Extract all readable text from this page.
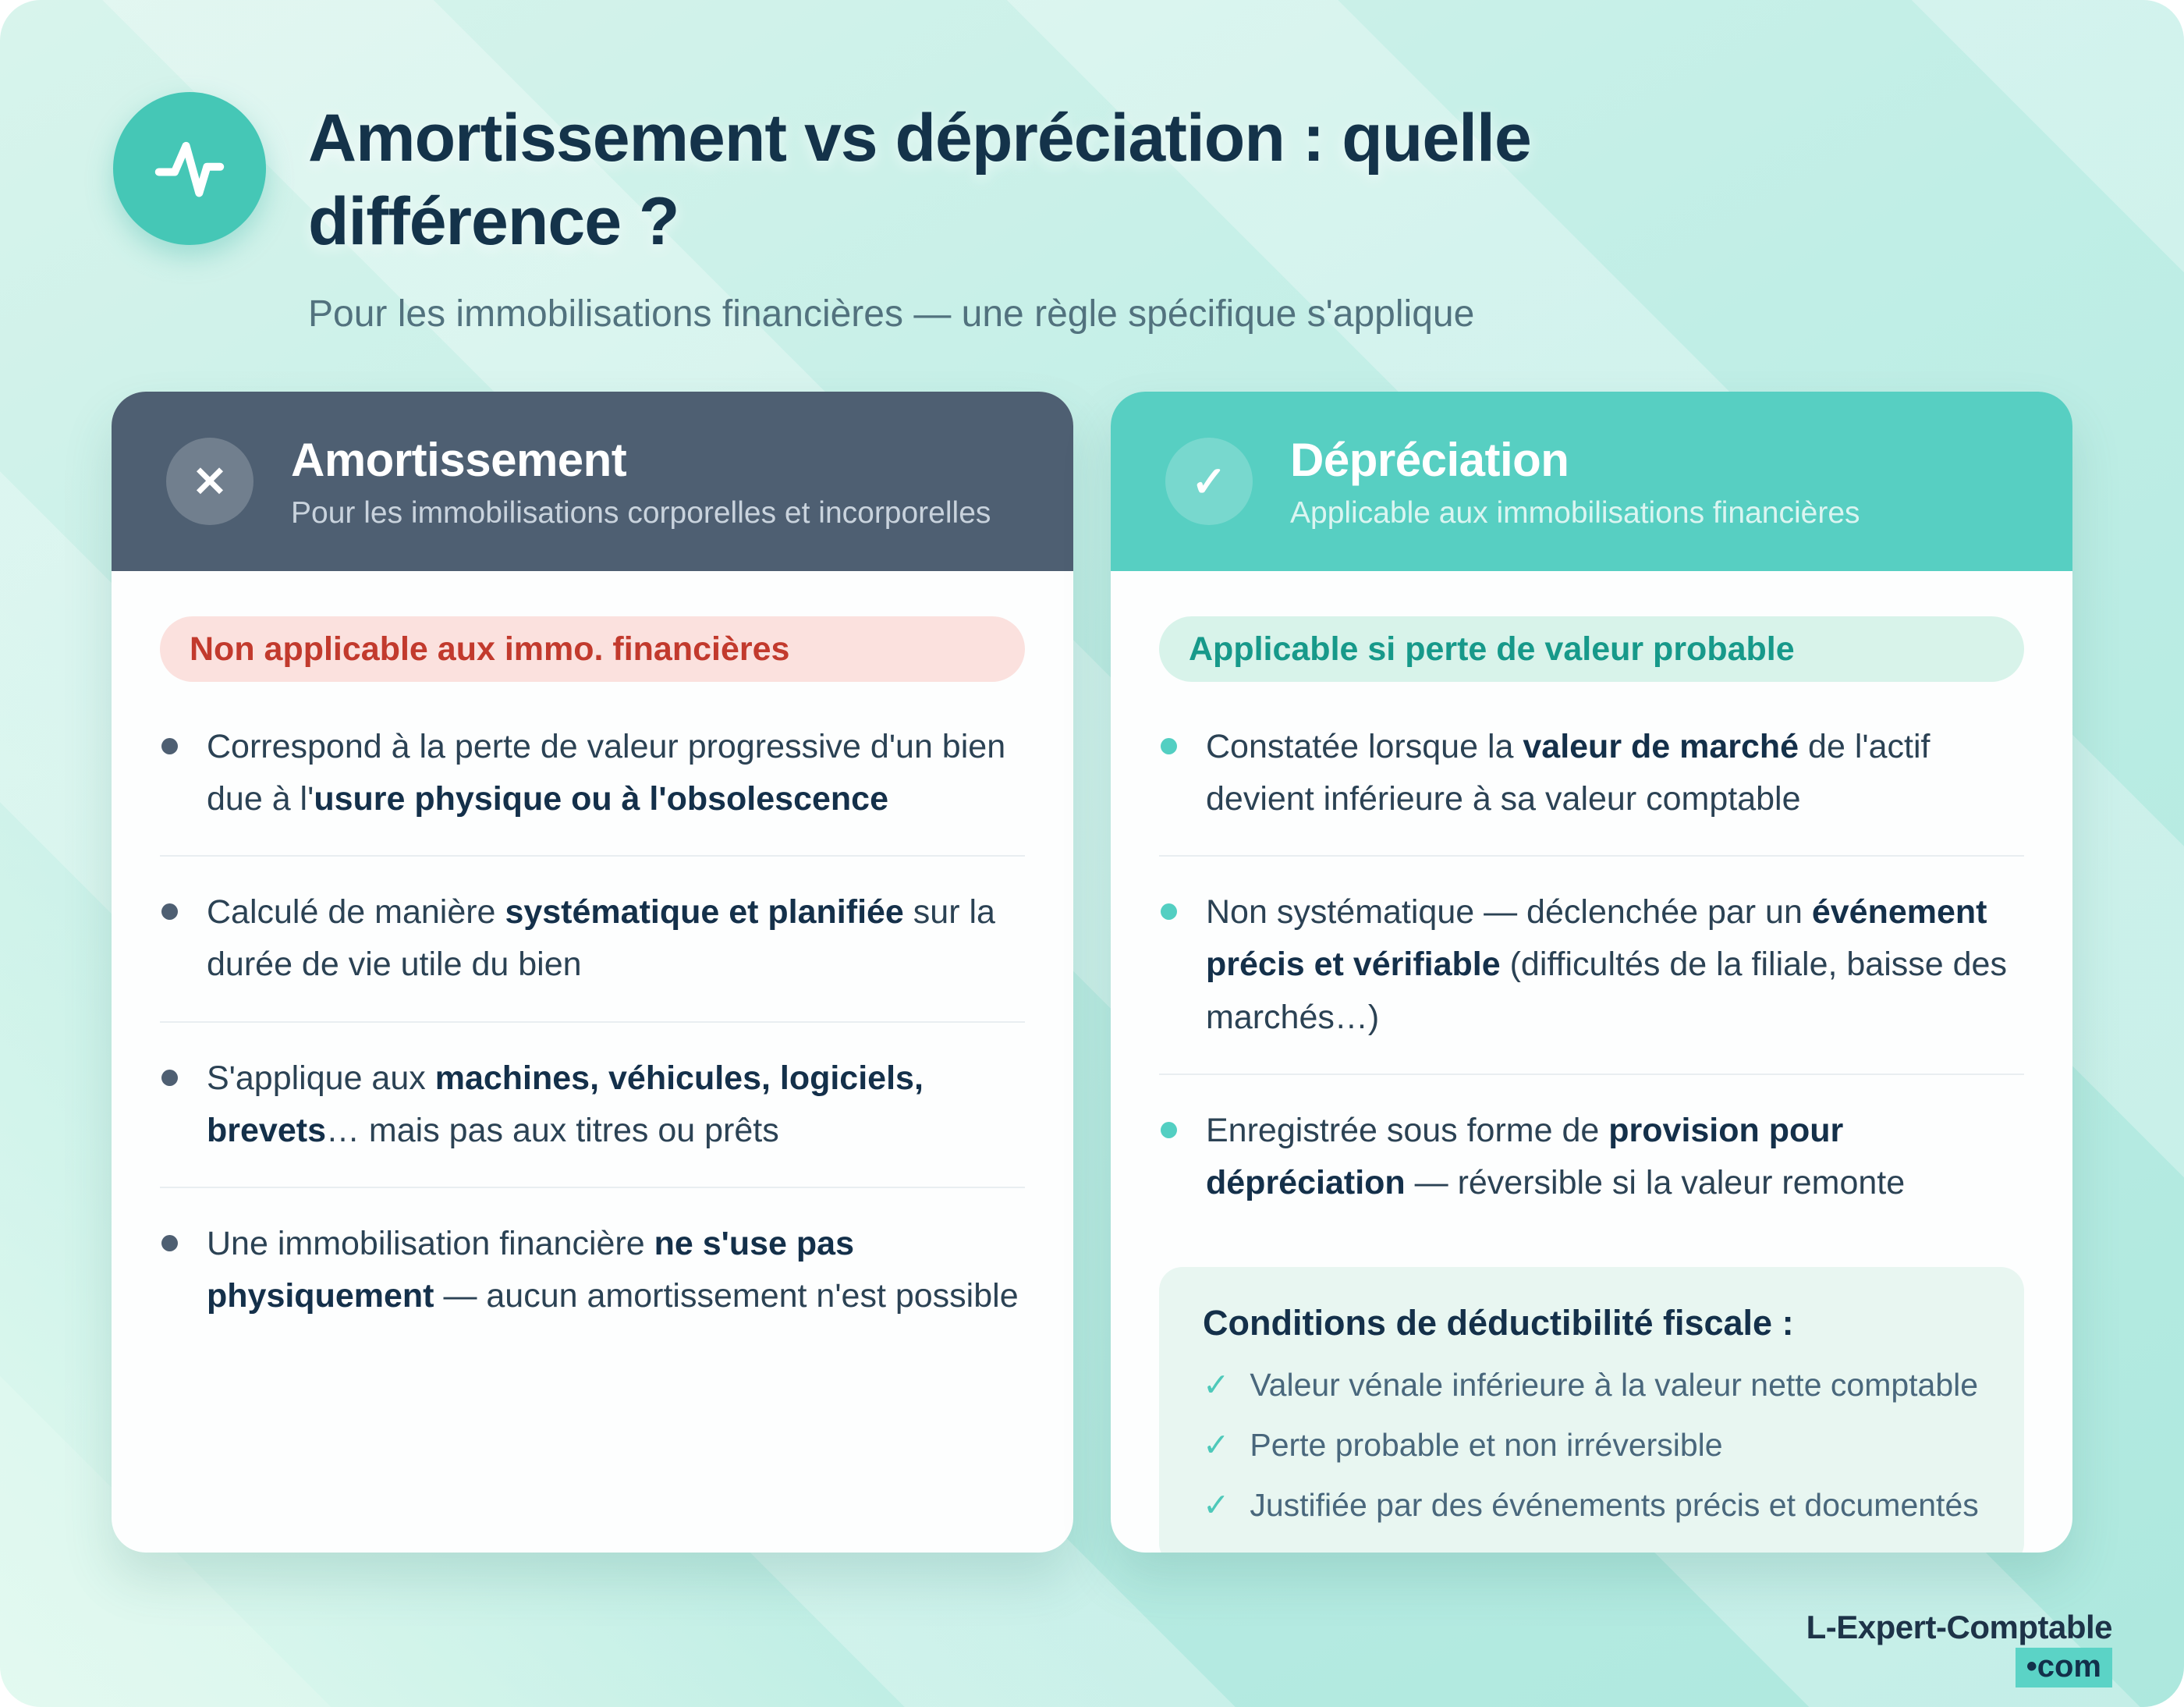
Amortissement vs dépréciation : quelle différence ?

Pour les immobilisations financières — une règle spécifique s'applique

✕	Amortissement

Pour les immobilisations corporelles et incorporelles

Non applicable aux immo. financières
Correspond à la perte de valeur progressive d'un bien due à l'usure physique ou à l'obsolescence
Calculé de manière systématique et planifiée sur la durée de vie utile du bien
S'applique aux machines, véhicules, logiciels, brevets… mais pas aux titres ou prêts
Une immobilisation financière ne s'use pas physiquement — aucun amortissement n'est possible
✓	Dépréciation

Applicable aux immobilisations financières

Applicable si perte de valeur probable
Constatée lorsque la valeur de marché de l'actif devient inférieure à sa valeur comptable
Non systématique — déclenchée par un événement précis et vérifiable (difficultés de la filiale, baisse des marchés…)
Enregistrée sous forme de provision pour dépréciation — réversible si la valeur remonte
Conditions de déductibilité fiscale :
✓ Valeur vénale inférieure à la valeur nette comptable
✓ Perte probable et non irréversible
✓ Justifiée par des événements précis et documentés
L-Expert-Comptable
•com
